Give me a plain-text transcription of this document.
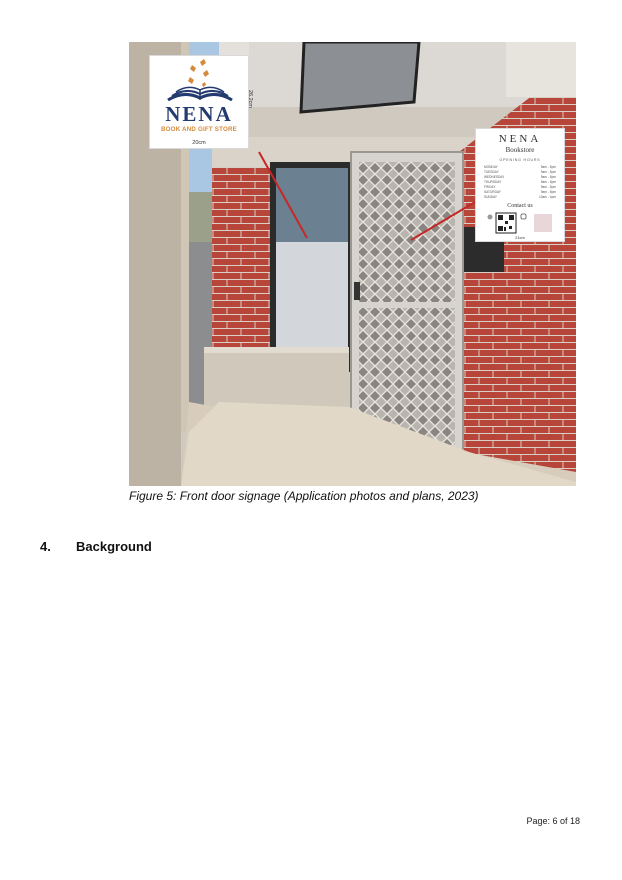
NENA
BOOK AND GIFT STORE
20cm
26.2cm
NENA
Bookstore
OPENING HOURS
MONDAY	9am - 5pm
TUESDAY	9am - 5pm
WEDNESDAY	9am - 5pm
THURSDAY	9am - 5pm
FRIDAY	9am - 5pm
SATURDAY	9am - 5pm
SUNDAY	10am - 4pm
Contact us
21cm
Figure 5: Front door signage (Application photos and plans, 2023)
4. Background
Page: 6 of 18
